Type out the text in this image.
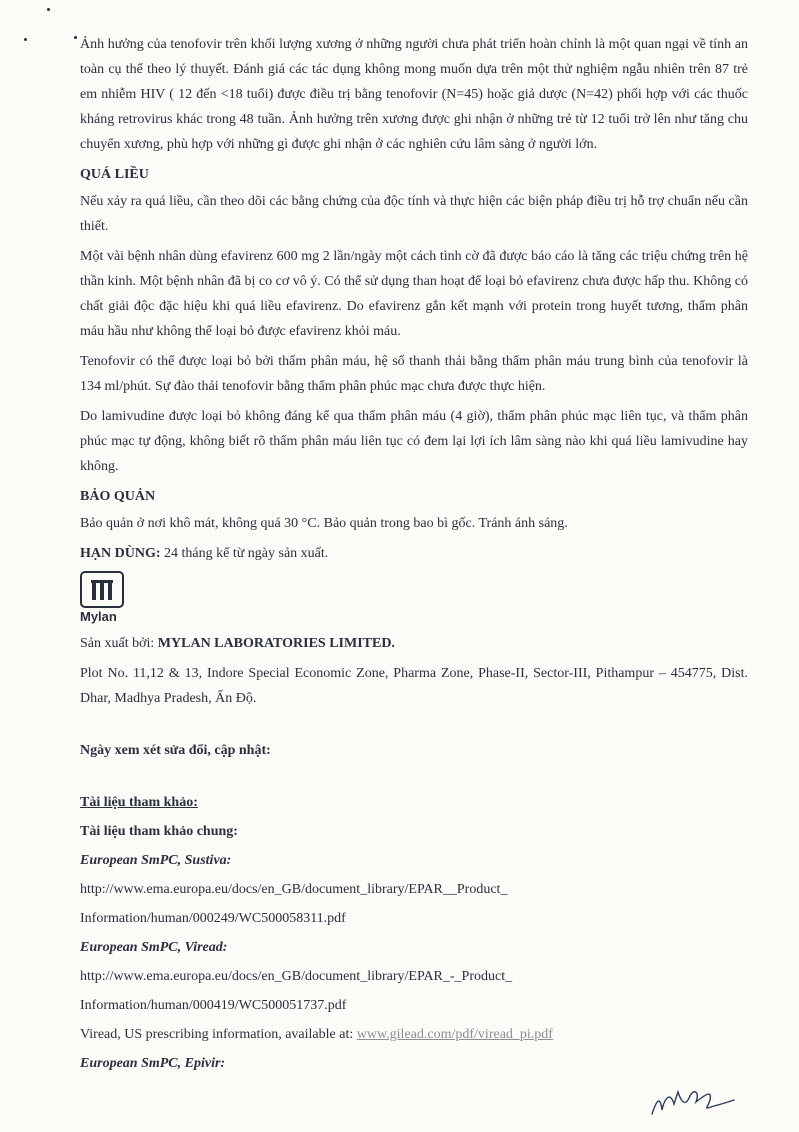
Ảnh hưởng của tenofovir trên khối lượng xương ở những người chưa phát triển hoàn chỉnh là một quan ngại về tính an toàn cụ thể theo lý thuyết. Đánh giá các tác dụng không mong muốn dựa trên một thử nghiệm ngẫu nhiên trên 87 trẻ em nhiễm HIV ( 12 đến <18 tuổi) được điều trị bằng tenofovir (N=45) hoặc giả dược (N=42) phối hợp với các thuốc kháng retrovirus khác trong 48 tuần. Ảnh hưởng trên xương được ghi nhận ở những trẻ từ 12 tuổi trở lên như tăng chu chuyển xương, phù hợp với những gì được ghi nhận ở các nghiên cứu lâm sàng ở người lớn.

QUÁ LIỀU

Nếu xảy ra quá liều, cần theo dõi các bằng chứng của độc tính và thực hiện các biện pháp điều trị hỗ trợ chuẩn nếu cần thiết.

Một vài bệnh nhân dùng efavirenz 600 mg 2 lần/ngày một cách tình cờ đã được báo cáo là tăng các triệu chứng trên hệ thần kinh. Một bệnh nhân đã bị co cơ vô ý. Có thể sử dụng than hoạt để loại bỏ efavirenz chưa được hấp thu. Không có chất giải độc đặc hiệu khi quá liều efavirenz. Do efavirenz gắn kết mạnh với protein trong huyết tương, thẩm phân máu hầu như không thể loại bỏ được efavirenz khỏi máu.

Tenofovir có thể được loại bỏ bởi thẩm phân máu, hệ số thanh thải bằng thẩm phân máu trung bình của tenofovir là 134 ml/phút. Sự đào thải tenofovir bằng thẩm phân phúc mạc chưa được thực hiện.

Do lamivudine được loại bỏ không đáng kể qua thẩm phân máu (4 giờ), thẩm phân phúc mạc liên tục, và thẩm phân phúc mạc tự động, không biết rõ thẩm phân máu liên tục có đem lại lợi ích lâm sàng nào khi quá liều lamivudine hay không.

BẢO QUẢN

Bảo quản ở nơi khô mát, không quá 30 °C. Bảo quản trong bao bì gốc. Tránh ánh sáng.

HẠN DÙNG: 24 tháng kể từ ngày sản xuất.

Mylan

Sản xuất bởi: MYLAN LABORATORIES LIMITED.

Plot No. 11,12 & 13, Indore Special Economic Zone, Pharma Zone, Phase-II, Sector-III, Pithampur – 454775, Dist. Dhar, Madhya Pradesh, Ấn Độ.

Ngày xem xét sửa đổi, cập nhật:

Tài liệu tham khảo:

Tài liệu tham khảo chung:

European SmPC, Sustiva:

http://www.ema.europa.eu/docs/en_GB/document_library/EPAR__Product_

Information/human/000249/WC500058311.pdf

European SmPC, Viread:

http://www.ema.europa.eu/docs/en_GB/document_library/EPAR_-_Product_

Information/human/000419/WC500051737.pdf

Viread, US prescribing information, available at: www.gilead.com/pdf/viread_pi.pdf

European SmPC, Epivir:
